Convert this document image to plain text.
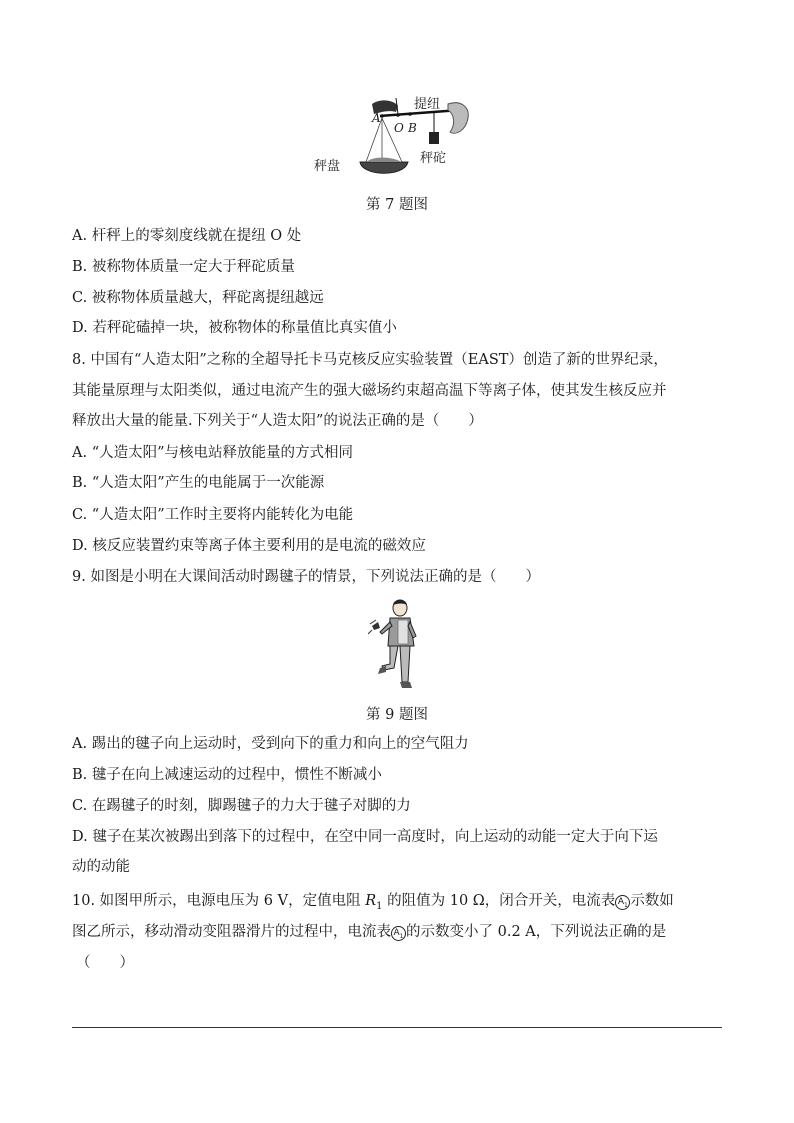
提纽
A
O B
秤盘
秤砣
第 7 题图
A. 杆秤上的零刻度线就在提纽 O 处
B. 被称物体质量一定大于秤砣质量
C. 被称物体质量越大，秤砣离提纽越远
D. 若秤砣磕掉一块，被称物体的称量值比真实值小
8. 中国有“人造太阳”之称的全超导托卡马克核反应实验装置（EAST）创造了新的世界纪录，
其能量原理与太阳类似，通过电流产生的强大磁场约束超高温下等离子体，使其发生核反应并
释放出大量的能量.下列关于“人造太阳”的说法正确的是（　　）
A. “人造太阳”与核电站释放能量的方式相同
B. “人造太阳”产生的电能属于一次能源
C. “人造太阳”工作时主要将内能转化为电能
D. 核反应装置约束等离子体主要利用的是电流的磁效应
9. 如图是小明在大课间活动时踢毽子的情景，下列说法正确的是（　　）
第 9 题图
A. 踢出的毽子向上运动时，受到向下的重力和向上的空气阻力
B. 毽子在向上减速运动的过程中，惯性不断减小
C. 在踢毽子的时刻，脚踢毽子的力大于毽子对脚的力
D. 毽子在某次被踢出到落下的过程中，在空中同一高度时，向上运动的动能一定大于向下运
动的动能
10. 如图甲所示，电源电压为 6 V，定值电阻 $R_1$ 的阻值为 10 Ω，闭合开关，电流表 $A_1$ 示数如
图乙所示，移动滑动变阻器滑片的过程中，电流表 $A_1$ 的示数变小了 0.2 A，下列说法正确的是
（　　）
